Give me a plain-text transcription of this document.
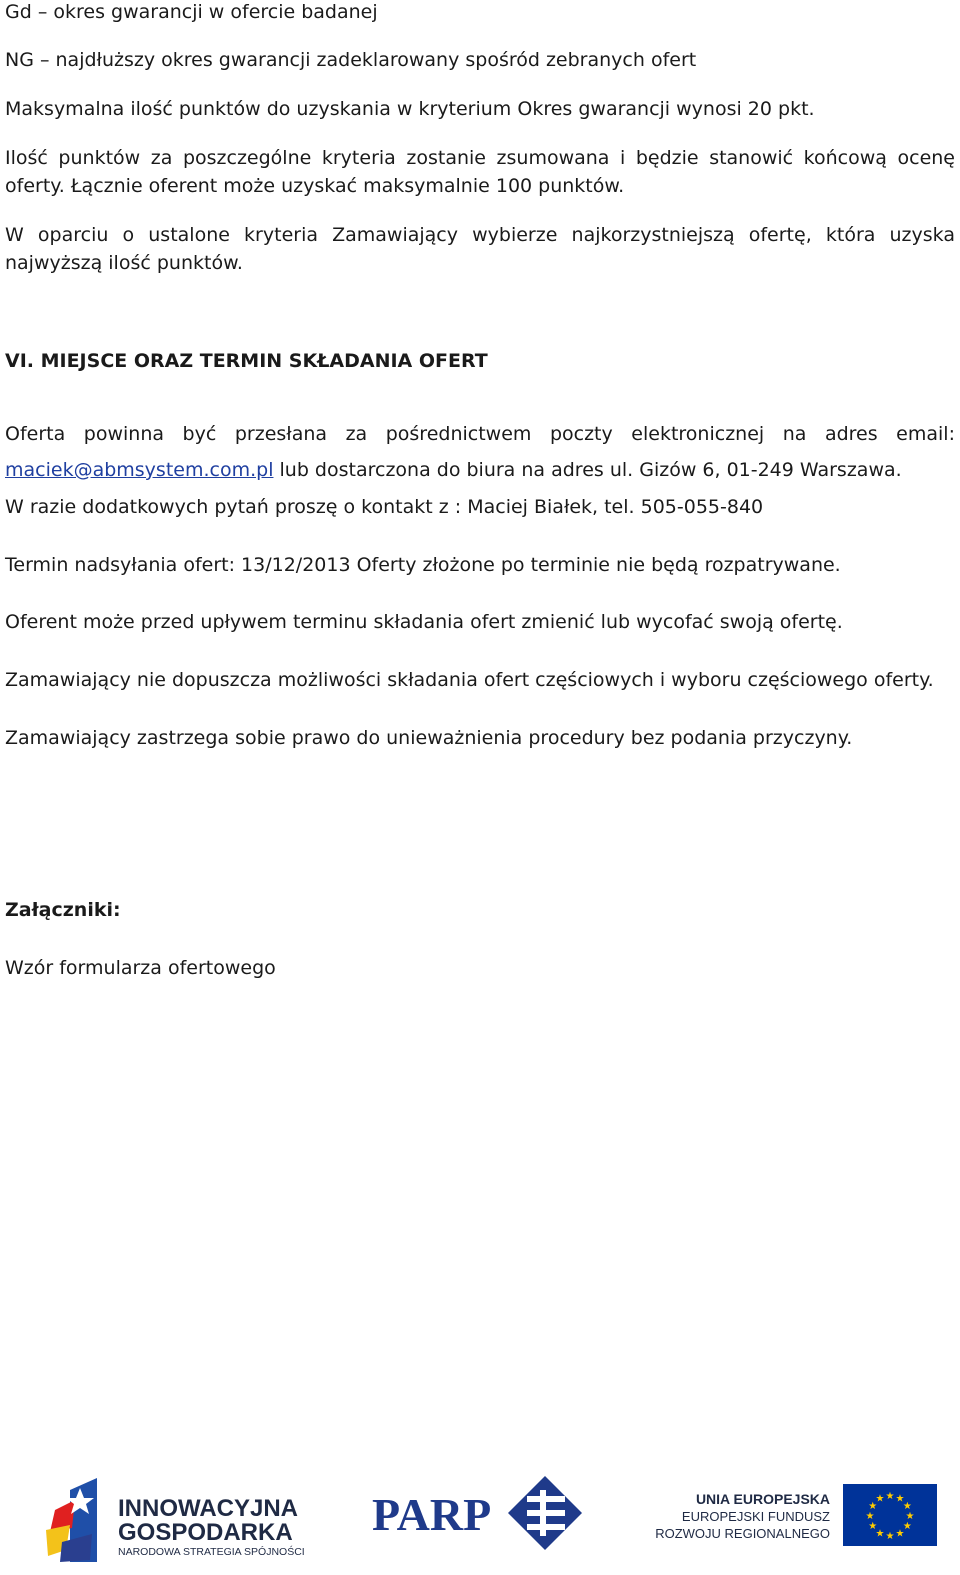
Gd – okres gwarancji w ofercie badanej
NG – najdłuższy okres gwarancji zadeklarowany spośród zebranych ofert
Maksymalna ilość punktów do uzyskania w kryterium Okres gwarancji wynosi 20 pkt.
Ilość punktów za poszczególne kryteria zostanie zsumowana i będzie stanowić końcową ocenę
oferty. Łącznie oferent może uzyskać maksymalnie 100 punktów.
W oparciu o ustalone kryteria Zamawiający wybierze najkorzystniejszą ofertę, która uzyska
najwyższą ilość punktów.
VI. MIEJSCE ORAZ TERMIN SKŁADANIA OFERT
Oferta powinna być przesłana za pośrednictwem poczty elektronicznej na adres email:
maciek@abmsystem.com.pl lub dostarczona do biura na adres ul. Gizów 6, 01-249 Warszawa.
W razie dodatkowych pytań proszę o kontakt z : Maciej Białek, tel. 505-055-840
Termin nadsyłania ofert: 13/12/2013 Oferty złożone po terminie nie będą rozpatrywane.
Oferent może przed upływem terminu składania ofert zmienić lub wycofać swoją ofertę.
Zamawiający nie dopuszcza możliwości składania ofert częściowych i wyboru częściowego oferty.
Zamawiający zastrzega sobie prawo do unieważnienia procedury bez podania przyczyny.
Załączniki:
Wzór formularza ofertowego
INNOWACYJNA
GOSPODARKA
NARODOWA STRATEGIA SPÓJNOŚCI
PARP	UNIA EUROPEJSKA
EUROPEJSKI FUNDUSZ
ROZWOJU REGIONALNEGO
★ ★
★
★
★
★
★
★
★
★
★
★
